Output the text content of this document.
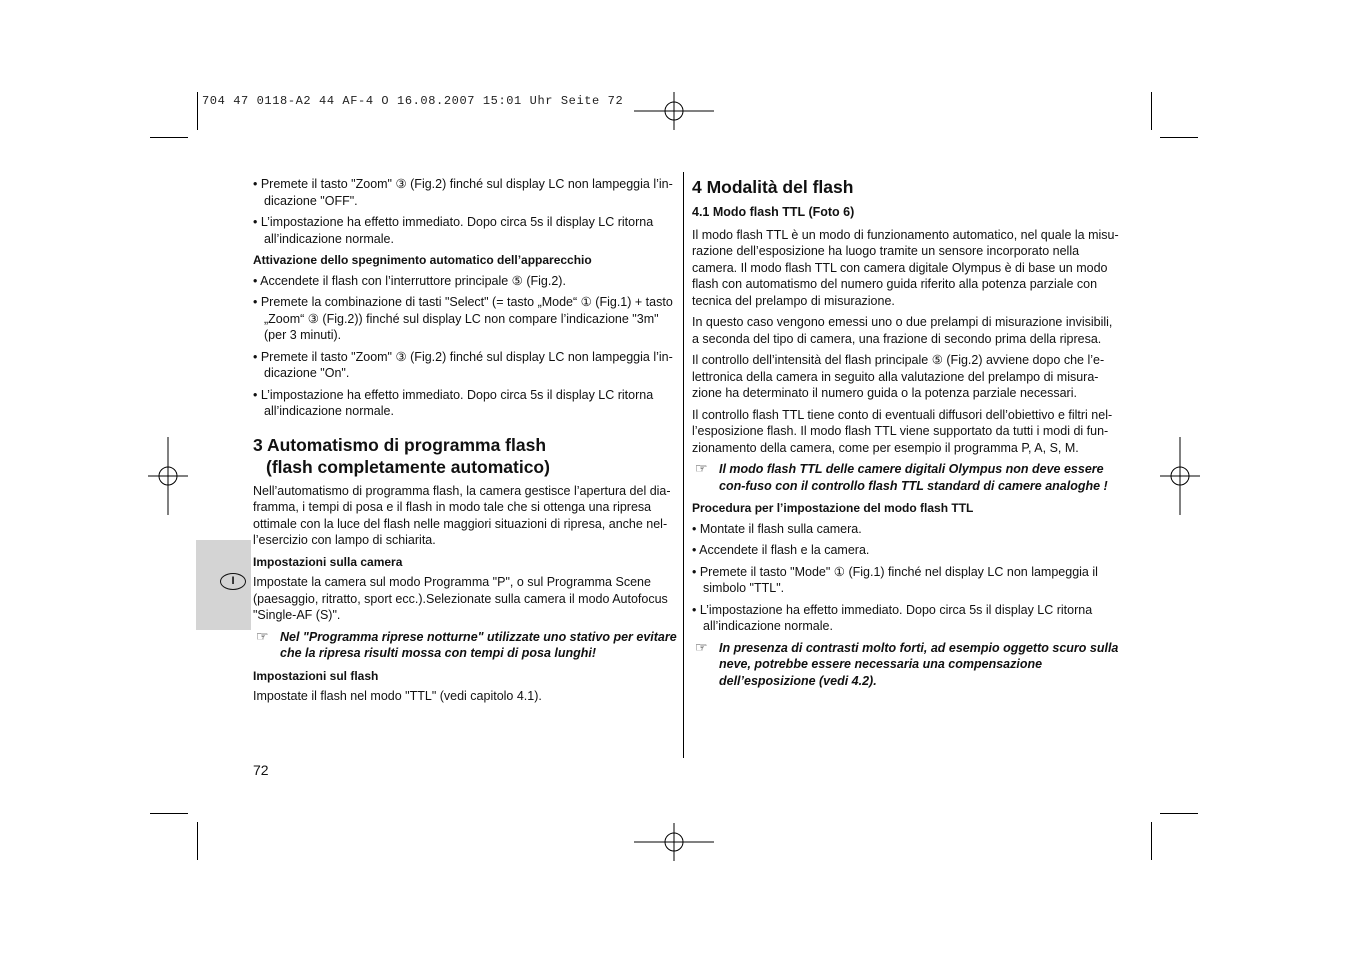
704 47 0118-A2 44 AF-4 O 16.08.2007 15:01 Uhr Seite 72
I

• Premete il tasto "Zoom" ③ (Fig.2) finché sul display LC non lampeggia l’in-dicazione "OFF".

• L’impostazione ha effetto immediato. Dopo circa 5s il display LC ritorna all’indicazione normale.

Attivazione dello spegnimento automatico dell’apparecchio

• Accendete il flash con l’interruttore principale ⑤ (Fig.2).

• Premete la combinazione di tasti "Select" (= tasto „Mode“ ① (Fig.1) + tasto „Zoom“ ③ (Fig.2)) finché sul display LC non compare l’indicazione "3m" (per 3 minuti).

• Premete il tasto "Zoom" ③ (Fig.2) finché sul display LC non lampeggia l’in-dicazione "On".

• L’impostazione ha effetto immediato. Dopo circa 5s il display LC ritorna all’indicazione normale.

3 Automatismo di programma flash
(flash completamente automatico)

Nell’automatismo di programma flash, la camera gestisce l’apertura del dia-framma, i tempi di posa e il flash in modo tale che si ottenga una ripresa ottimale con la luce del flash nelle maggiori situazioni di ripresa, anche nel-l’esercizio con lampo di schiarita.

Impostazioni sulla camera

Impostate la camera sul modo Programma "P", o sul Programma Scene (paesaggio, ritratto, sport ecc.).Selezionate sulla camera il modo Autofocus "Single-AF (S)".

☞ Nel "Programma riprese notturne" utilizzate uno stativo per evitare che la ripresa risulti mossa con tempi di posa lunghi!

Impostazioni sul flash

Impostate il flash nel modo "TTL" (vedi capitolo 4.1).

4 Modalità del flash
4.1 Modo flash TTL (Foto 6)

Il modo flash TTL è un modo di funzionamento automatico, nel quale la misu-razione dell’esposizione ha luogo tramite un sensore incorporato nella camera. Il modo flash TTL con camera digitale Olympus è di base un modo flash con automatismo del numero guida riferito alla potenza parziale con tecnica del prelampo di misurazione.

In questo caso vengono emessi uno o due prelampi di misurazione invisibili, a seconda del tipo di camera, una frazione di secondo prima della ripresa.

Il controllo dell’intensità del flash principale ⑤ (Fig.2) avviene dopo che l’e-lettronica della camera in seguito alla valutazione del prelampo di misura-zione ha determinato il numero guida o la potenza parziale necessari.

Il controllo flash TTL tiene conto di eventuali diffusori dell’obiettivo e filtri nel-l’esposizione flash. Il modo flash TTL viene supportato da tutti i modi di fun-zionamento della camera, come per esempio il programma P, A, S, M.

☞ Il modo flash TTL delle camere digitali Olympus non deve essere con-fuso con il controllo flash TTL standard di camere analoghe !

Procedura per l’impostazione del modo flash TTL

• Montate il flash sulla camera.

• Accendete il flash e la camera.

• Premete il tasto "Mode" ① (Fig.1) finché nel display LC non lampeggia il simbolo "TTL".

• L’impostazione ha effetto immediato. Dopo circa 5s il display LC ritorna all’indicazione normale.

☞ In presenza di contrasti molto forti, ad esempio oggetto scuro sulla neve, potrebbe essere necessaria una compensazione dell’esposizione (vedi 4.2).
72
